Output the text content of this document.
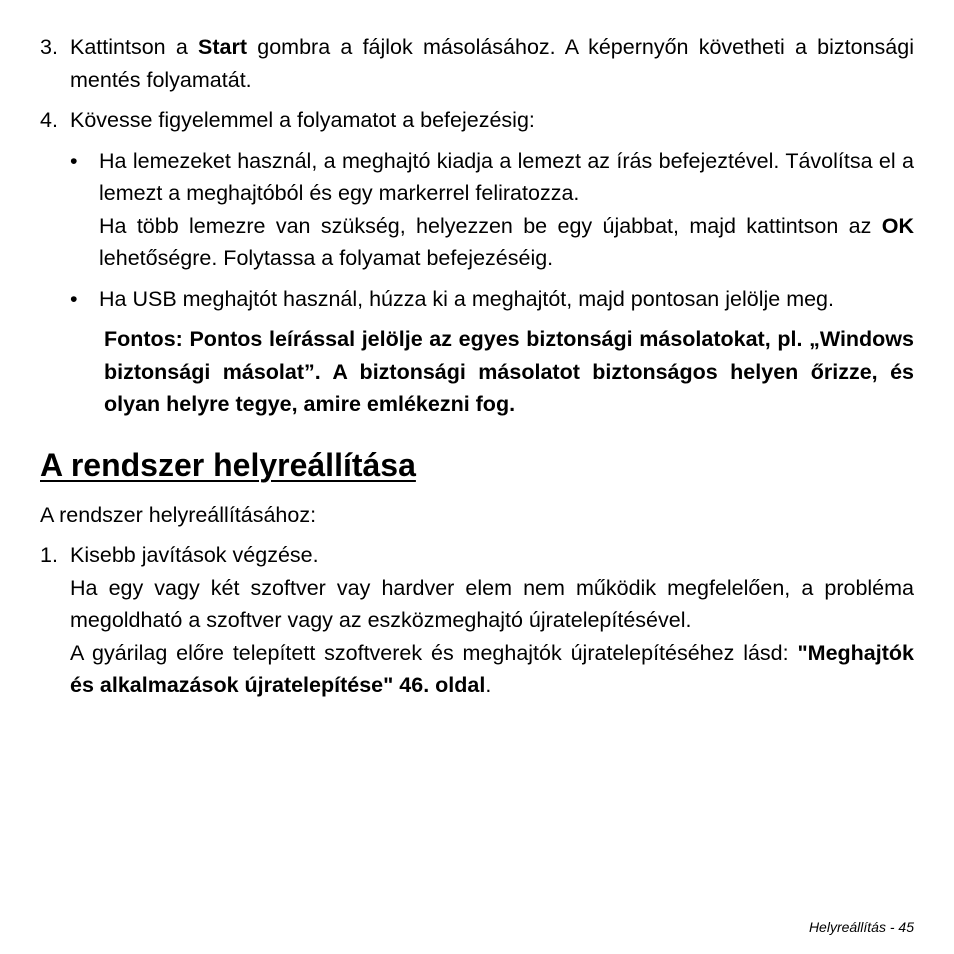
3. Kattintson a Start gombra a fájlok másolásához. A képernyőn követheti a biztonsági mentés folyamatát.

4. Kövesse figyelemmel a folyamatot a befejezésig:

• Ha lemezeket használ, a meghajtó kiadja a lemezt az írás befejeztével. Távolítsa el a lemezt a meghajtóból és egy markerrel feliratozza.

Ha több lemezre van szükség, helyezzen be egy újabbat, majd kattintson az OK lehetőségre. Folytassa a folyamat befejezéséig.

• Ha USB meghajtót használ, húzza ki a meghajtót, majd pontosan jelölje meg.

Fontos: Pontos leírással jelölje az egyes biztonsági másolatokat, pl. „Windows biztonsági másolat”. A biztonsági másolatot biztonságos helyen őrizze, és olyan helyre tegye, amire emlékezni fog.

A rendszer helyreállítása

A rendszer helyreállításához:

1. Kisebb javítások végzése.

Ha egy vagy két szoftver vay hardver elem nem működik megfelelően, a probléma megoldható a szoftver vagy az eszközmeghajtó újratelepítésével.

A gyárilag előre telepített szoftverek és meghajtók újratelepítéséhez lásd: "Meghajtók és alkalmazások újratelepítése" 46. oldal.

Helyreállítás - 45
